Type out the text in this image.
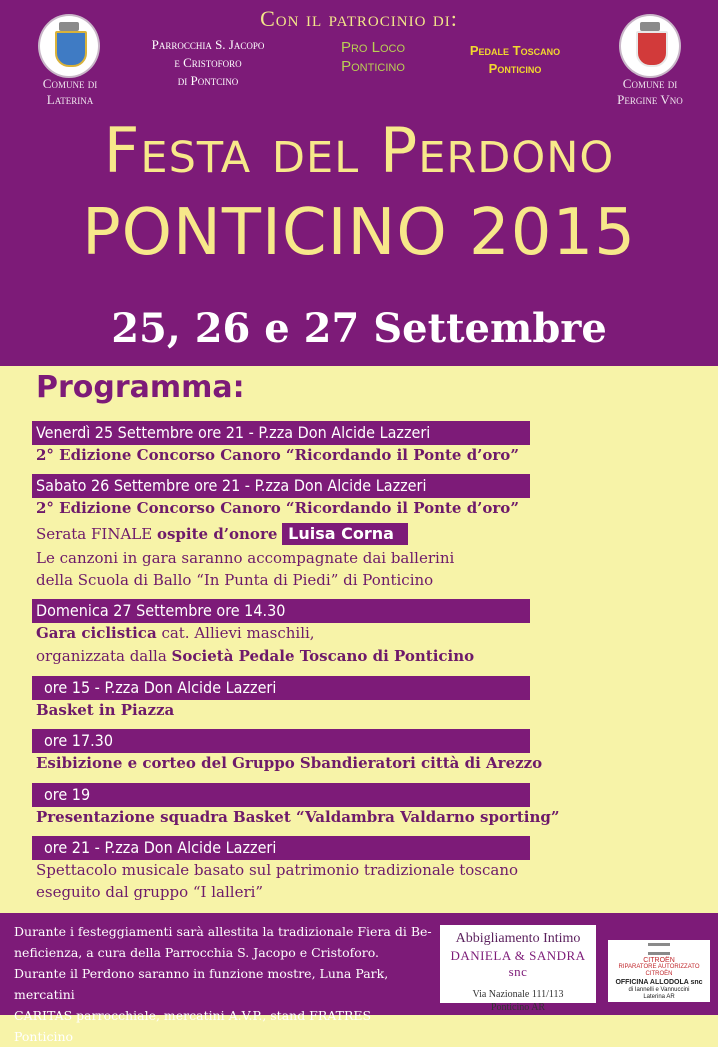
Con il patrocinio di:
Comune di
Laterina
Comune di
Pergine Vno
Parrocchia S. Jacopo
e Cristoforo
di Pontcino
Pro Loco
Ponticino
Pedale Toscano
Ponticino
Festa del Perdono
PONTICINO 2015
25, 26 e 27 Settembre
Programma:
Venerdì 25 Settembre ore 21 - P.zza Don Alcide Lazzeri
2° Edizione Concorso Canoro “Ricordando il Ponte d’oro”
Sabato 26 Settembre ore 21 - P.zza Don Alcide Lazzeri
2° Edizione Concorso Canoro “Ricordando il Ponte d’oro”
Serata FINALE ospite d’onore Luisa Corna
Le canzoni in gara saranno accompagnate dai ballerini
della Scuola di Ballo “In Punta di Piedi” di Ponticino
Domenica 27 Settembre ore 14.30
Gara ciclistica cat. Allievi maschili,
organizzata dalla Società Pedale Toscano di Ponticino
ore 15 - P.zza Don Alcide Lazzeri
Basket in Piazza
ore 17.30
Esibizione e corteo del Gruppo Sbandieratori città di Arezzo
ore 19
Presentazione squadra Basket “Valdambra Valdarno sporting”
ore 21 - P.zza Don Alcide Lazzeri
Spettacolo musicale basato sul patrimonio tradizionale toscano
eseguito dal gruppo “I lalleri”
Durante i festeggiamenti sarà allestita la tradizionale Fiera di Be-
neficienza, a cura della Parrocchia S. Jacopo e Cristoforo.
Durante il Perdono saranno in funzione mostre, Luna Park, mercatini
CARITAS parrocchiale, mercatini A.V.P., stand FRATRES Ponticino
Abbigliamento Intimo
DANIELA & SANDRA snc
Via Nazionale 111/113
Ponticino AR
CITROËN
RIPARATORE AUTORIZZATO CITROËN
OFFICINA ALLODOLA snc
di Iannelli e Vannuccini
Laterina AR
